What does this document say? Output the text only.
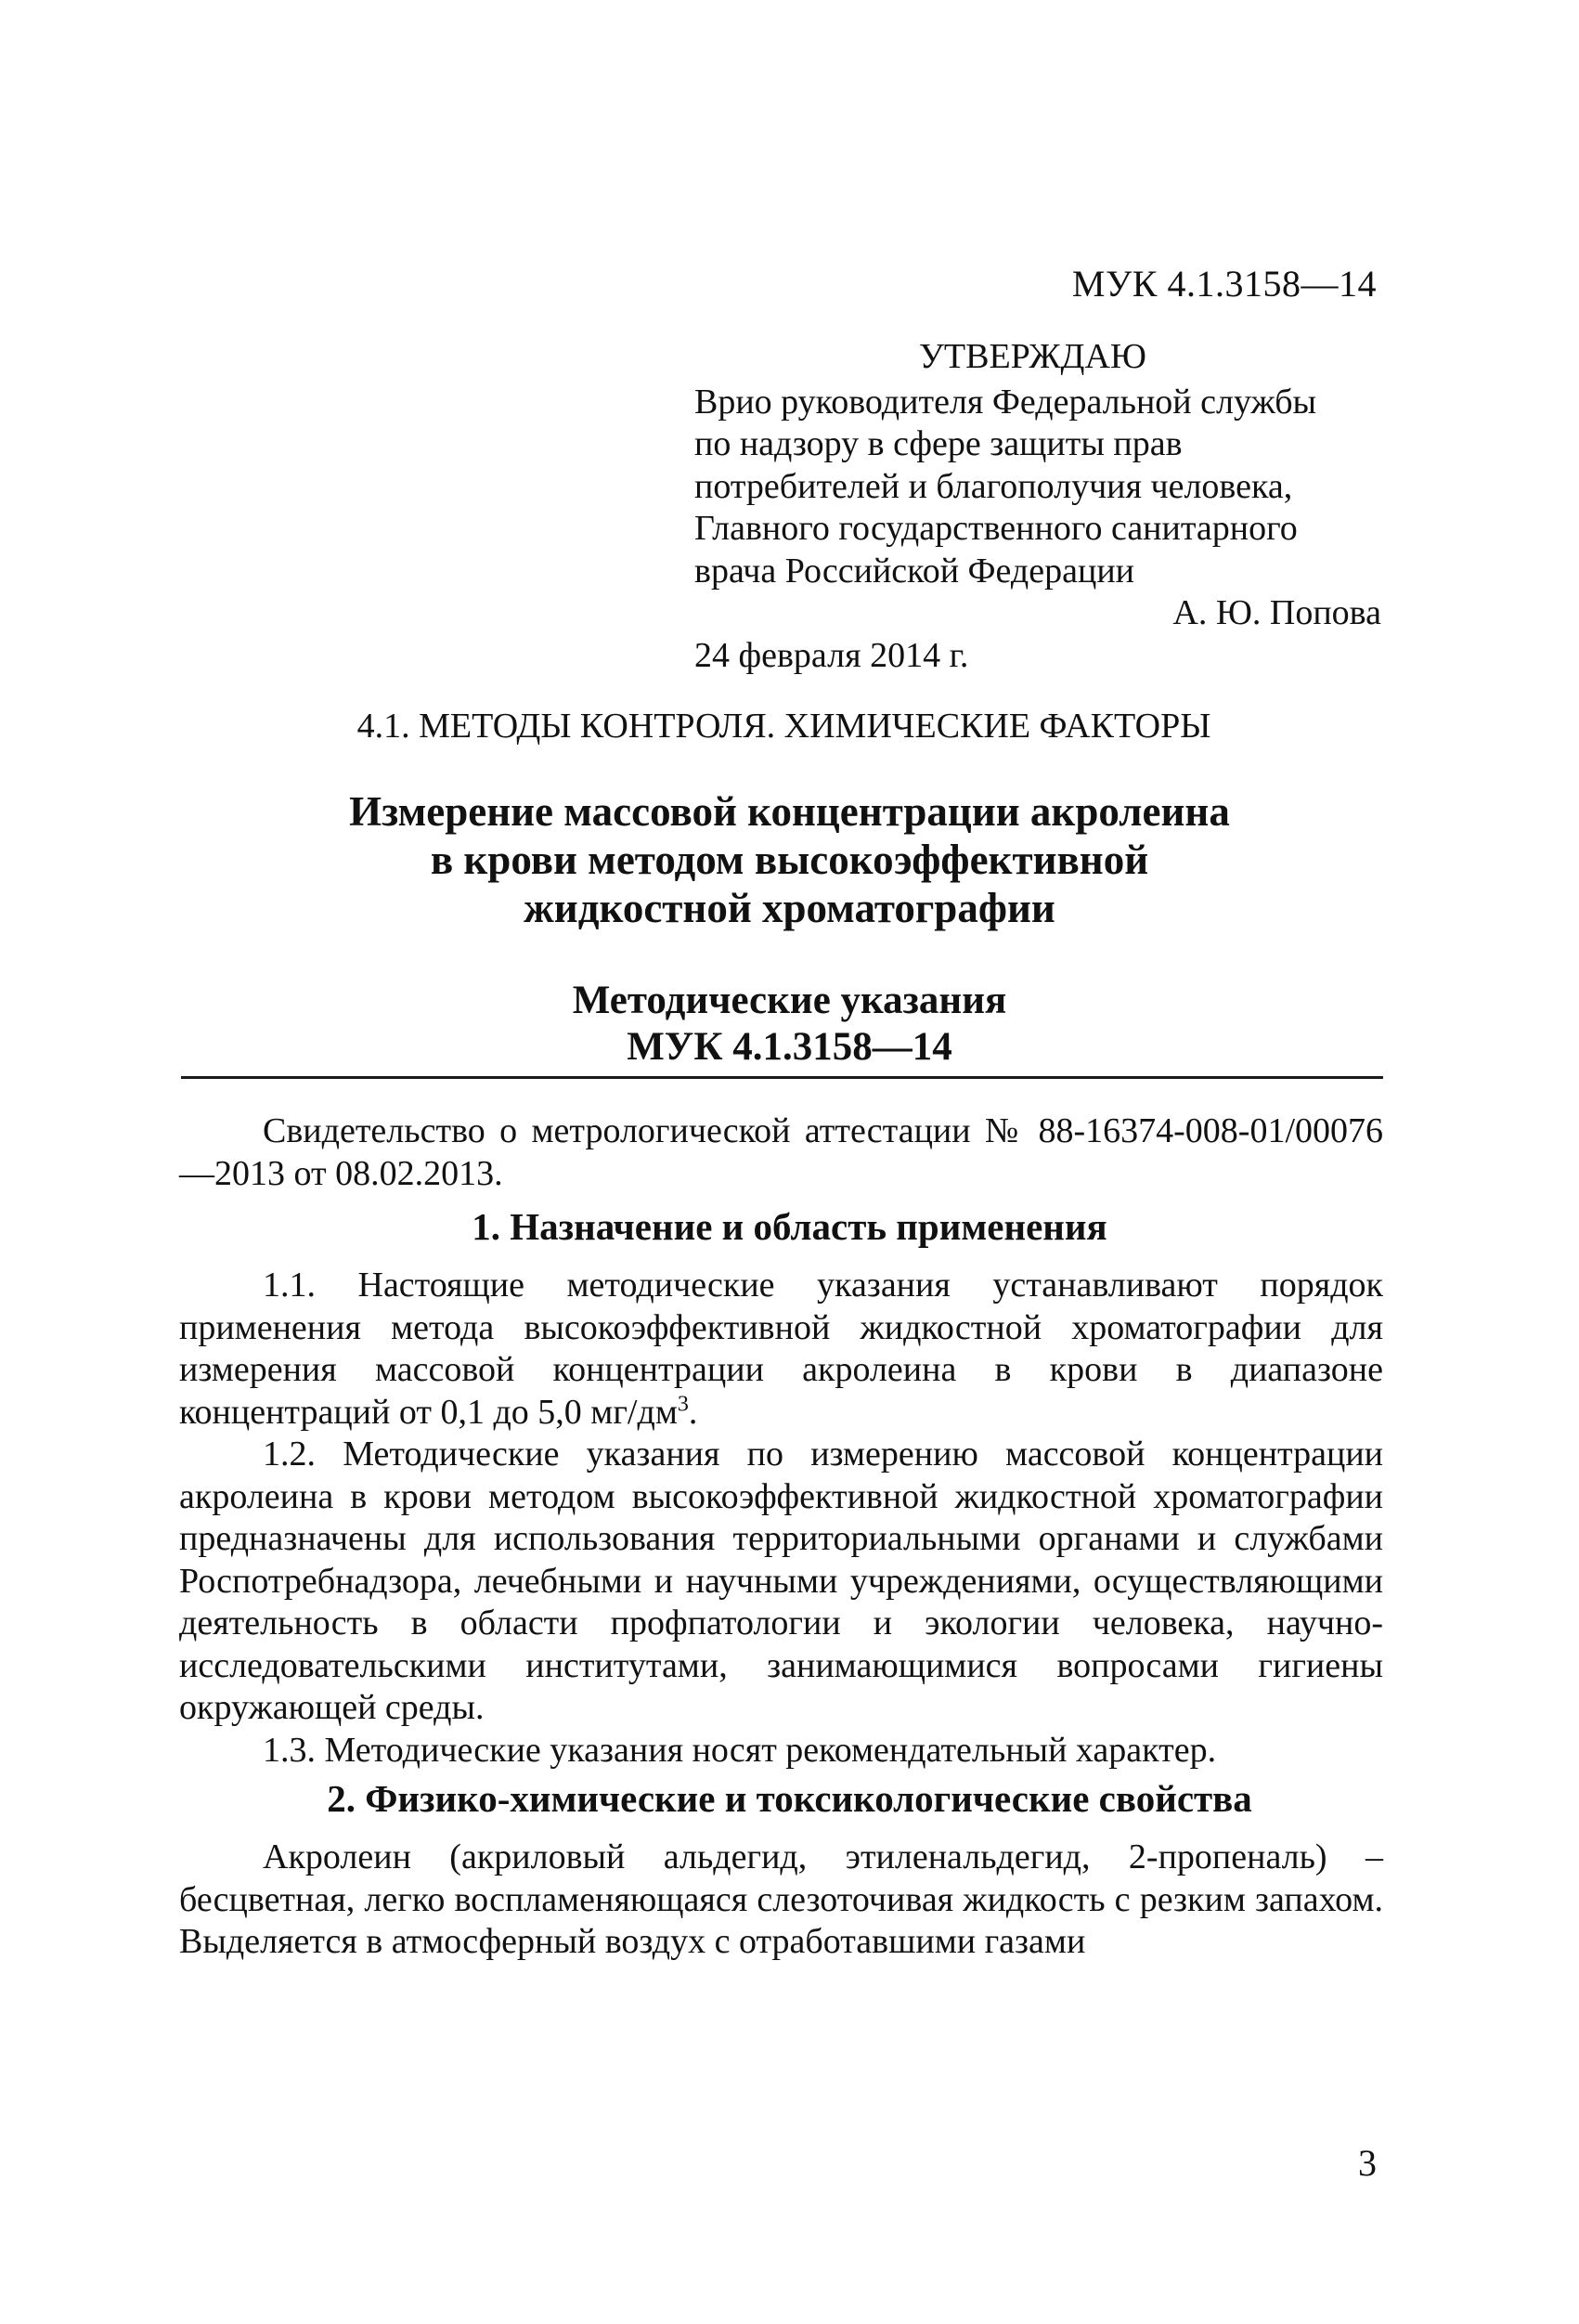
МУК 4.1.3158—14
УТВЕРЖДАЮ
Врио руководителя Федеральной службы
по надзору в сфере защиты прав
потребителей и благополучия человека,
Главного государственного санитарного
врача Российской Федерации
А. Ю. Попова
24 февраля 2014 г.
4.1. МЕТОДЫ КОНТРОЛЯ. ХИМИЧЕСКИЕ ФАКТОРЫ
Измерение массовой концентрации акролеина
в крови методом высокоэффективной
жидкостной хроматографии
Методические указания
МУК 4.1.3158—14
Свидетельство о метрологической аттестации № 88-16374-008-01/00076—2013 от 08.02.2013.
1. Назначение и область применения

1.1. Настоящие методические указания устанавливают порядок применения метода высокоэффективной жидкостной хроматографии для измерения массовой концентрации акролеина в крови в диапазоне концентраций от 0,1 до 5,0 $мг/дм^3$.

1.2. Методические указания по измерению массовой концентрации акролеина в крови методом высокоэффективной жидкостной хроматографии предназначены для использования территориальными органами и службами Роспотребнадзора, лечебными и научными учреждениями, осуществляющими деятельность в области профпатологии и экологии человека, научно-исследовательскими институтами, занимающимися вопросами гигиены окружающей среды.

1.3. Методические указания носят рекомендательный характер.

2. Физико-химические и токсикологические свойства

Акролеин (акриловый альдегид, этиленальдегид, 2-пропеналь) – бесцветная, легко воспламеняющаяся слезоточивая жидкость с резким запахом. Выделяется в атмосферный воздух с отработавшими газами

3
